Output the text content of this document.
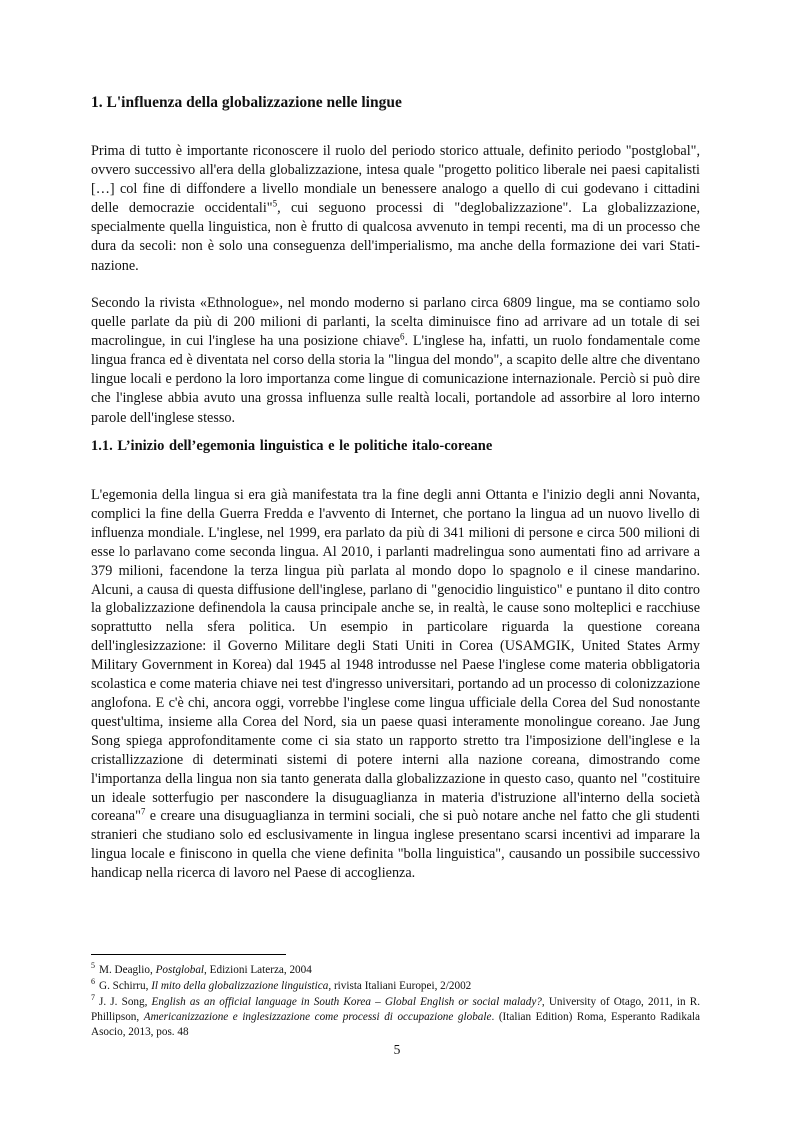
1. L'influenza della globalizzazione nelle lingue

Prima di tutto è importante riconoscere il ruolo del periodo storico attuale, definito periodo "postglobal", ovvero successivo all'era della globalizzazione, intesa quale "progetto politico liberale nei paesi capitalisti […] col fine di diffondere a livello mondiale un benessere analogo a quello di cui godevano i cittadini delle democrazie occidentali"$^5$, cui seguono processi di "deglobalizzazione". La globalizzazione, specialmente quella linguistica, non è frutto di qualcosa avvenuto in tempi recenti, ma di un processo che dura da secoli: non è solo una conseguenza dell'imperialismo, ma anche della formazione dei vari Stati-nazione.

Secondo la rivista «Ethnologue», nel mondo moderno si parlano circa 6809 lingue, ma se contiamo solo quelle parlate da più di 200 milioni di parlanti, la scelta diminuisce fino ad arrivare ad un totale di sei macrolingue, in cui l'inglese ha una posizione chiave$^6$. L'inglese ha, infatti, un ruolo fondamentale come lingua franca ed è diventata nel corso della storia la "lingua del mondo", a scapito delle altre che diventano lingue locali e perdono la loro importanza come lingue di comunicazione internazionale. Perciò si può dire che l'inglese abbia avuto una grossa influenza sulle realtà locali, portandole ad assorbire al loro interno parole dell'inglese stesso.

1.1. L’inizio dell’egemonia linguistica e le politiche italo-coreane

L'egemonia della lingua si era già manifestata tra la fine degli anni Ottanta e l'inizio degli anni Novanta, complici la fine della Guerra Fredda e l'avvento di Internet, che portano la lingua ad un nuovo livello di influenza mondiale. L'inglese, nel 1999, era parlato da più di 341 milioni di persone e circa 500 milioni di esse lo parlavano come seconda lingua. Al 2010, i parlanti madrelingua sono aumentati fino ad arrivare a 379 milioni, facendone la terza lingua più parlata al mondo dopo lo spagnolo e il cinese mandarino. Alcuni, a causa di questa diffusione dell'inglese, parlano di "genocidio linguistico" e puntano il dito contro la globalizzazione definendola la causa principale anche se, in realtà, le cause sono molteplici e racchiuse soprattutto nella sfera politica. Un esempio in particolare riguarda la questione coreana dell'inglesizzazione: il Governo Militare degli Stati Uniti in Corea (USAMGIK, United States Army Military Government in Korea) dal 1945 al 1948 introdusse nel Paese l'inglese come materia obbligatoria scolastica e come materia chiave nei test d'ingresso universitari, portando ad un processo di colonizzazione anglofona. E c'è chi, ancora oggi, vorrebbe l'inglese come lingua ufficiale della Corea del Sud nonostante quest'ultima, insieme alla Corea del Nord, sia un paese quasi interamente monolingue coreano. Jae Jung Song spiega approfonditamente come ci sia stato un rapporto stretto tra l'imposizione dell'inglese e la cristallizzazione di determinati sistemi di potere interni alla nazione coreana, dimostrando come l'importanza della lingua non sia tanto generata dalla globalizzazione in questo caso, quanto nel "costituire un ideale sotterfugio per nascondere la disuguaglianza in materia d'istruzione all'interno della società coreana"$^7$ e creare una disuguaglianza in termini sociali, che si può notare anche nel fatto che gli studenti stranieri che studiano solo ed esclusivamente in lingua inglese presentano scarsi incentivi ad imparare la lingua locale e finiscono in quella che viene definita "bolla linguistica", causando un possibile successivo handicap nella ricerca di lavoro nel Paese di accoglienza.

$^5$ M. Deaglio, Postglobal, Edizioni Laterza, 2004

$^6$ G. Schirru, Il mito della globalizzazione linguistica, rivista Italiani Europei, 2/2002

$^7$ J. J. Song, English as an official language in South Korea – Global English or social malady?, University of Otago, 2011, in R. Phillipson, Americanizzazione e inglesizzazione come processi di occupazione globale. (Italian Edition) Roma, Esperanto Radikala Asocio, 2013, pos. 48

5
